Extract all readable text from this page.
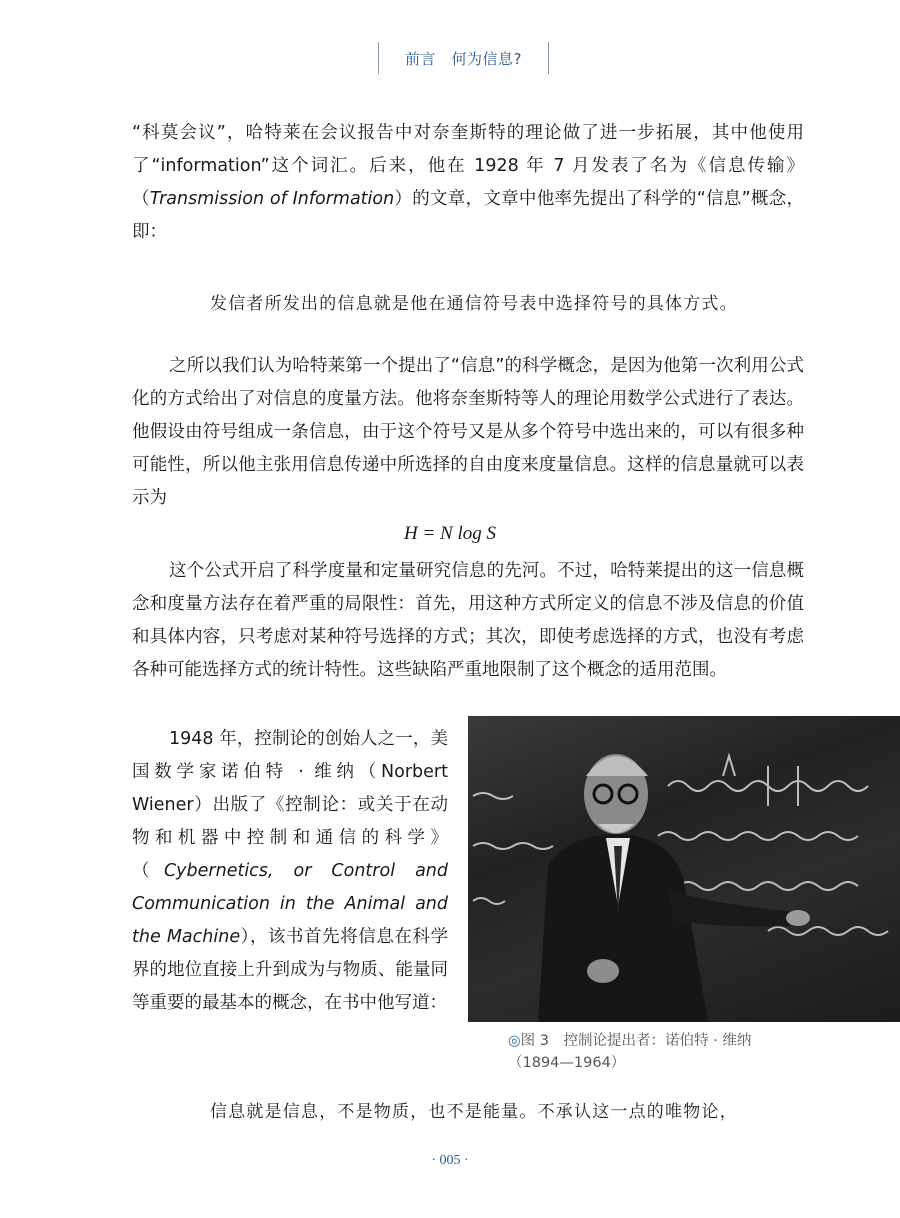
前言　何为信息?

“科莫会议”，哈特莱在会议报告中对奈奎斯特的理论做了进一步拓展，其中他使用了“information”这个词汇。后来，他在 1928 年 7 月发表了名为《信息传输》（Transmission of Information）的文章，文章中他率先提出了科学的“信息”概念，即：

发信者所发出的信息就是他在通信符号表中选择符号的具体方式。

之所以我们认为哈特莱第一个提出了“信息”的科学概念，是因为他第一次利用公式化的方式给出了对信息的度量方法。他将奈奎斯特等人的理论用数学公式进行了表达。他假设由符号组成一条信息，由于这个符号又是从多个符号中选出来的，可以有很多种可能性，所以他主张用信息传递中所选择的自由度来度量信息。这样的信息量就可以表示为

H = N log S

这个公式开启了科学度量和定量研究信息的先河。不过，哈特莱提出的这一信息概念和度量方法存在着严重的局限性：首先，用这种方式所定义的信息不涉及信息的价值和具体内容，只考虑对某种符号选择的方式；其次，即使考虑选择的方式，也没有考虑各种可能选择方式的统计特性。这些缺陷严重地限制了这个概念的适用范围。

1948 年，控制论的创始人之一，美国数学家诺伯特 · 维纳（Norbert Wiener）出版了《控制论：或关于在动物和机器中控制和通信的科学》（Cybernetics, or Control and Communication in the Animal and the Machine），该书首先将信息在科学界的地位直接上升到成为与物质、能量同等重要的最基本的概念，在书中他写道：

◎图 3　控制论提出者：诺伯特 · 维纳
（1894—1964）

信息就是信息，不是物质，也不是能量。不承认这一点的唯物论，

· 005 ·
